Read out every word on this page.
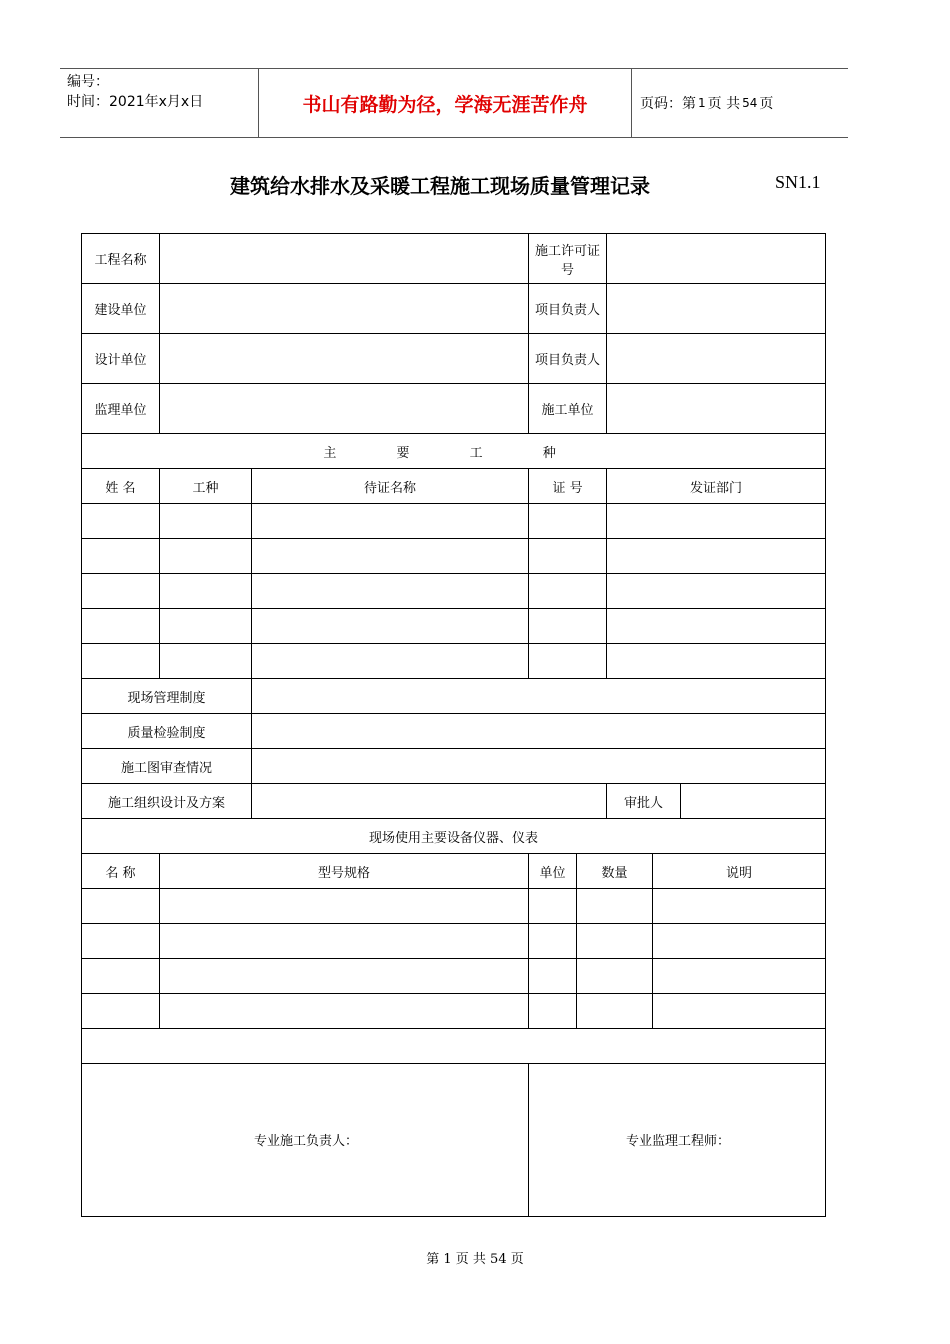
编号：
时间：2021年x月x日	书山有路勤为径，学海无涯苦作舟	页码：第 1 页 共 54 页
建筑给水排水及采暖工程施工现场质量管理记录	SN1.1
工程名称			施工许可证号				
建设单位			项目负责人				
设计单位			项目负责人				
监理单位			施工单位				
主 要 工 种							
姓 名	工种	待证名称	证 号		发证部门		

现场管理制度							
质量检验制度							
施工图审查情况							
施工组织设计及方案					审批人		
现场使用主要设备仪器、仪表							
名 称	型号规格		单位	数量		说明	

专业施工负责人：			专业监理工程师：				
第 1 页 共 54 页
